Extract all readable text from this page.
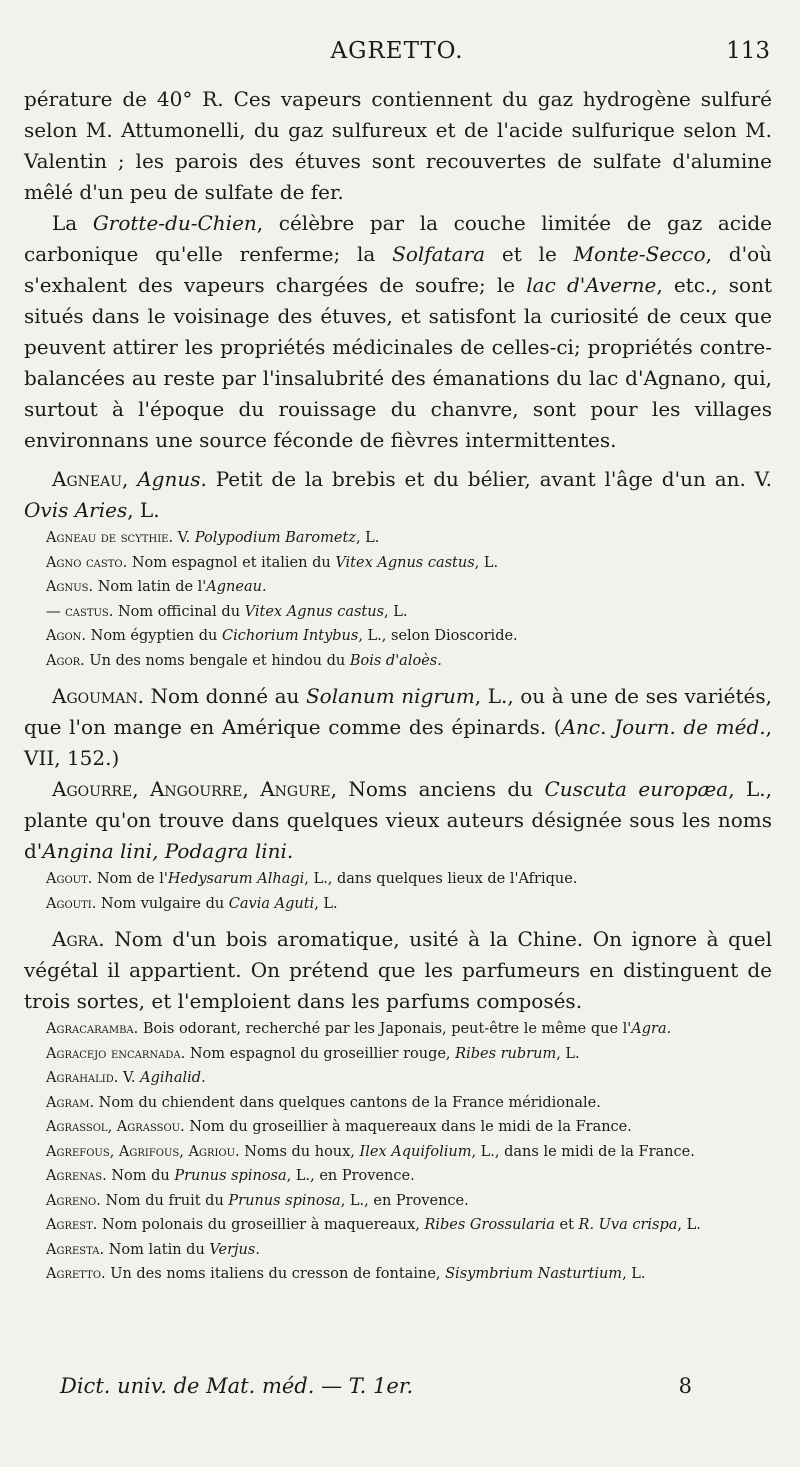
AGRETTO.	113

pérature de 40° R. Ces vapeurs contiennent du gaz hydrogène sulfuré selon M. Attumonelli, du gaz sulfureux et de l'acide sulfurique selon M. Valentin ; les parois des étuves sont recouvertes de sulfate d'alumine mêlé d'un peu de sulfate de fer.

La Grotte-du-Chien, célèbre par la couche limitée de gaz acide carbonique qu'elle renferme; la Solfatara et le Monte-Secco, d'où s'exhalent des vapeurs chargées de soufre; le lac d'Averne, etc., sont situés dans le voisinage des étuves, et satisfont la curiosité de ceux que peuvent attirer les propriétés médicinales de celles-ci; propriétés contre-balancées au reste par l'insalubrité des émanations du lac d'Agnano, qui, surtout à l'époque du rouissage du chanvre, sont pour les villages environnans une source féconde de fièvres intermittentes.

Agneau, Agnus. Petit de la brebis et du bélier, avant l'âge d'un an. V. Ovis Aries, L.

Agneau de scythie. V. Polypodium Barometz, L.

Agno casto. Nom espagnol et italien du Vitex Agnus castus, L.

Agnus. Nom latin de l'Agneau.

— castus. Nom officinal du Vitex Agnus castus, L.

Agon. Nom égyptien du Cichorium Intybus, L., selon Dioscoride.

Agor. Un des noms bengale et hindou du Bois d'aloès.

Agouman. Nom donné au Solanum nigrum, L., ou à une de ses variétés, que l'on mange en Amérique comme des épinards. (Anc. Journ. de méd., VII, 152.)

Agourre, Angourre, Angure, Noms anciens du Cuscuta europæa, L., plante qu'on trouve dans quelques vieux auteurs désignée sous les noms d'Angina lini, Podagra lini.

Agout. Nom de l'Hedysarum Alhagi, L., dans quelques lieux de l'Afrique.

Agouti. Nom vulgaire du Cavia Aguti, L.

Agra. Nom d'un bois aromatique, usité à la Chine. On ignore à quel végétal il appartient. On prétend que les parfumeurs en distinguent de trois sortes, et l'emploient dans les parfums composés.

Agracaramba. Bois odorant, recherché par les Japonais, peut-être le même que l'Agra.

Agracejo encarnada. Nom espagnol du groseillier rouge, Ribes rubrum, L.

Agrahalid. V. Agihalid.

Agram. Nom du chiendent dans quelques cantons de la France méridionale.

Agrassol, Agrassou. Nom du groseillier à maquereaux dans le midi de la France.

Agrefous, Agrifous, Agriou. Noms du houx, Ilex Aquifolium, L., dans le midi de la France.

Agrenas. Nom du Prunus spinosa, L., en Provence.

Agreno. Nom du fruit du Prunus spinosa, L., en Provence.

Agrest. Nom polonais du groseillier à maquereaux, Ribes Grossularia et R. Uva crispa, L.

Agresta. Nom latin du Verjus.

Agretto. Un des noms italiens du cresson de fontaine, Sisymbrium Nasturtium, L.

Dict. univ. de Mat. méd. — T. 1er.	8
